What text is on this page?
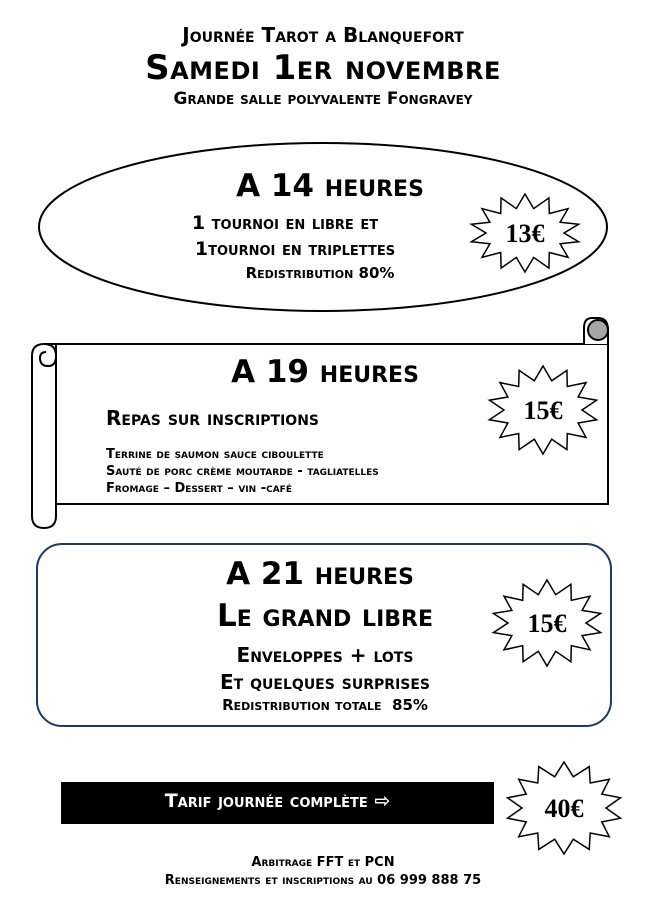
Journée Tarot a Blanquefort
Samedi 1er novembre
Grande salle polyvalente Fongravey
A 14 heures
1 tournoi en libre et
1tournoi en triplettes
Redistribution 80%
13€
A 19 heures
Repas sur inscriptions
Terrine de saumon sauce ciboulette
Sauté de porc crème moutarde - tagliatelles
Fromage – Dessert – vin -café
15€
A 21 heures
Le grand libre
Enveloppes + lots
Et quelques surprises
Redistribution totale  85%
15€
Tarif journée complète ⇨	40€
Arbitrage FFT et PCN
Renseignements et inscriptions au 06 999 888 75
